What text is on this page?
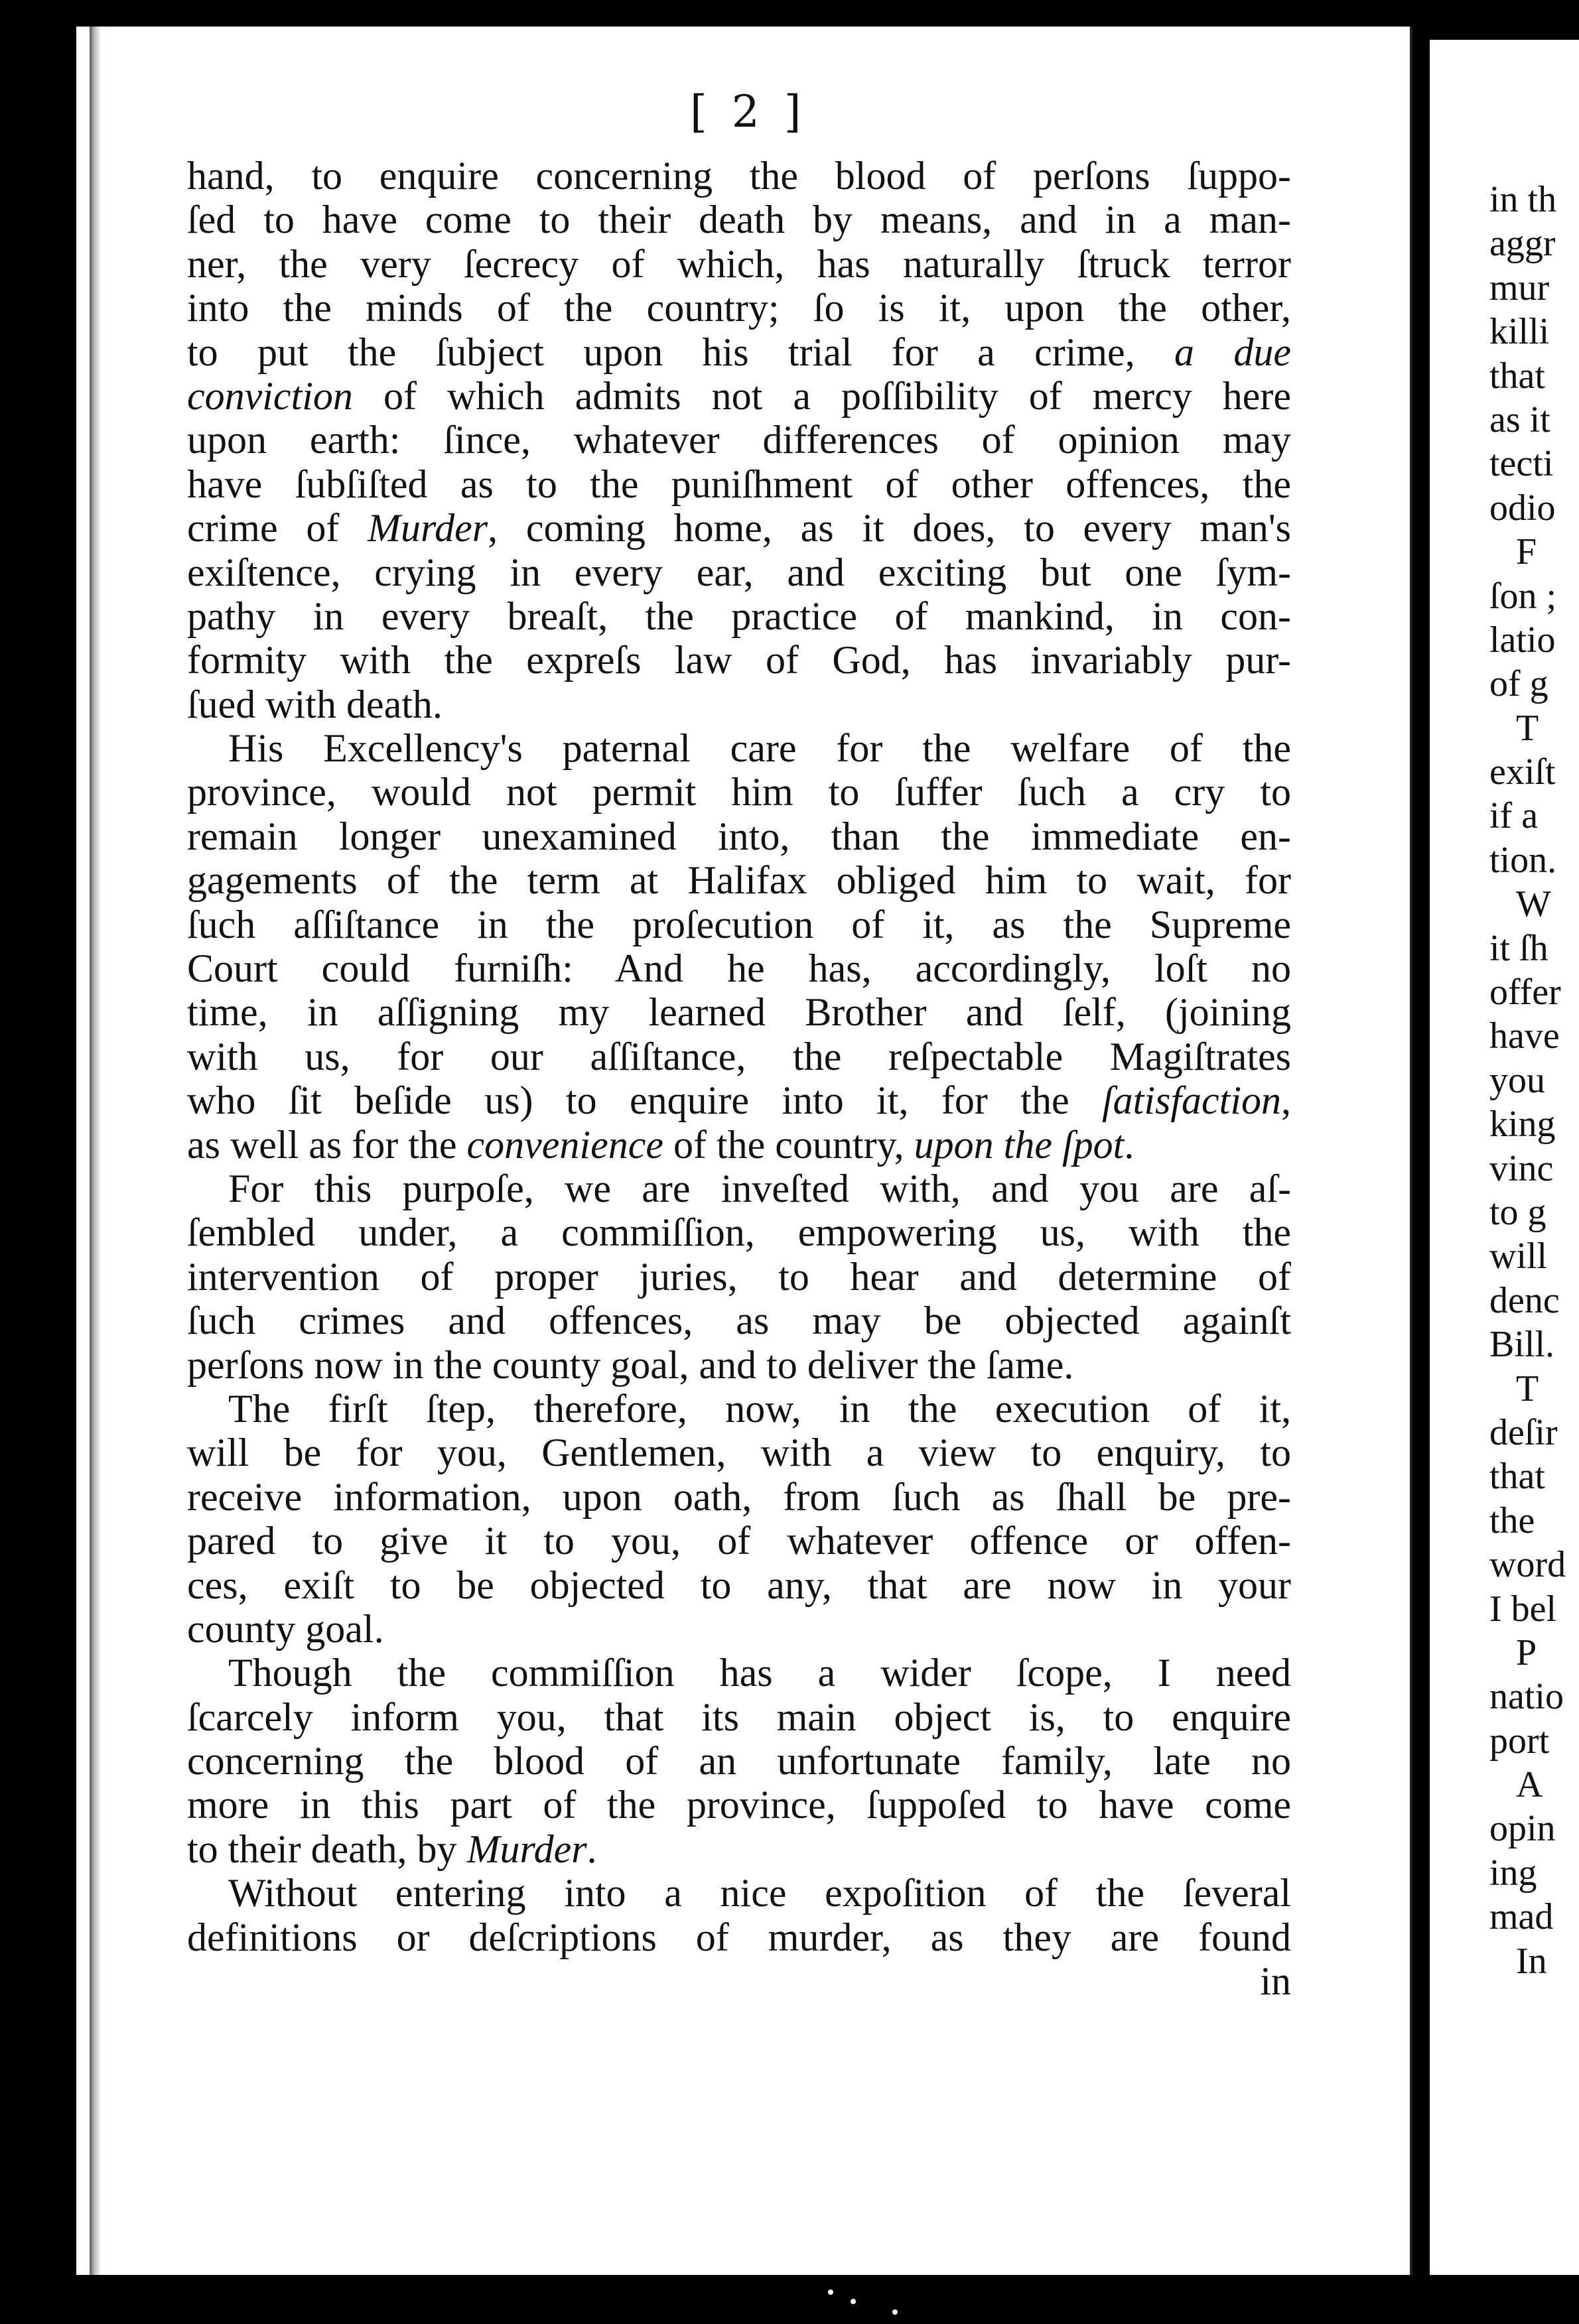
[ 2 ]
hand, to enquire concerning the blood of perſons ſuppo-
ſed to have come to their death by means, and in a man-
ner, the very ſecrecy of which, has naturally ſtruck terror
into the minds of the country; ſo is it, upon the other,
to put the ſubject upon his trial for a crime, a due
conviction of which admits not a poſſibility of mercy here
upon earth: ſince, whatever differences of opinion may
have ſubſiſted as to the puniſhment of other offences, the
crime of Murder, coming home, as it does, to every man's
exiſtence, crying in every ear, and exciting but one ſym-
pathy in every breaſt, the practice of mankind, in con-
formity with the expreſs law of God, has invariably pur-
ſued with death.
His Excellency's paternal care for the welfare of the
province, would not permit him to ſuffer ſuch a cry to
remain longer unexamined into, than the immediate en-
gagements of the term at Halifax obliged him to wait, for
ſuch aſſiſtance in the proſecution of it, as the Supreme
Court could furniſh: And he has, accordingly, loſt no
time, in aſſigning my learned Brother and ſelf, (joining
with us, for our aſſiſtance, the reſpectable Magiſtrates
who ſit beſide us) to enquire into it, for the ſatisfaction,
as well as for the convenience of the country, upon the ſpot.
For this purpoſe, we are inveſted with, and you are aſ-
ſembled under, a commiſſion, empowering us, with the
intervention of proper juries, to hear and determine of
ſuch crimes and offences, as may be objected againſt
perſons now in the county goal, and to deliver the ſame.
The firſt ſtep, therefore, now, in the execution of it,
will be for you, Gentlemen, with a view to enquiry, to
receive information, upon oath, from ſuch as ſhall be pre-
pared to give it to you, of whatever offence or offen-
ces, exiſt to be objected to any, that are now in your
county goal.
Though the commiſſion has a wider ſcope, I need
ſcarcely inform you, that its main object is, to enquire
concerning the blood of an unfortunate family, late no
more in this part of the province, ſuppoſed to have come
to their death, by Murder.
Without entering into a nice expoſition of the ſeveral
definitions or deſcriptions of murder, as they are found
in
in th
aggr
mur
killi
that
as it
tecti
odio
F
ſon ;
latio
of g
T
exiſt
if a
tion.
W
it ſh
offer
have
you
king
vinc
to g
will
denc
Bill.
T
deſir
that
the
word
I bel
P
natio
port
A
opin
ing
mad
In
